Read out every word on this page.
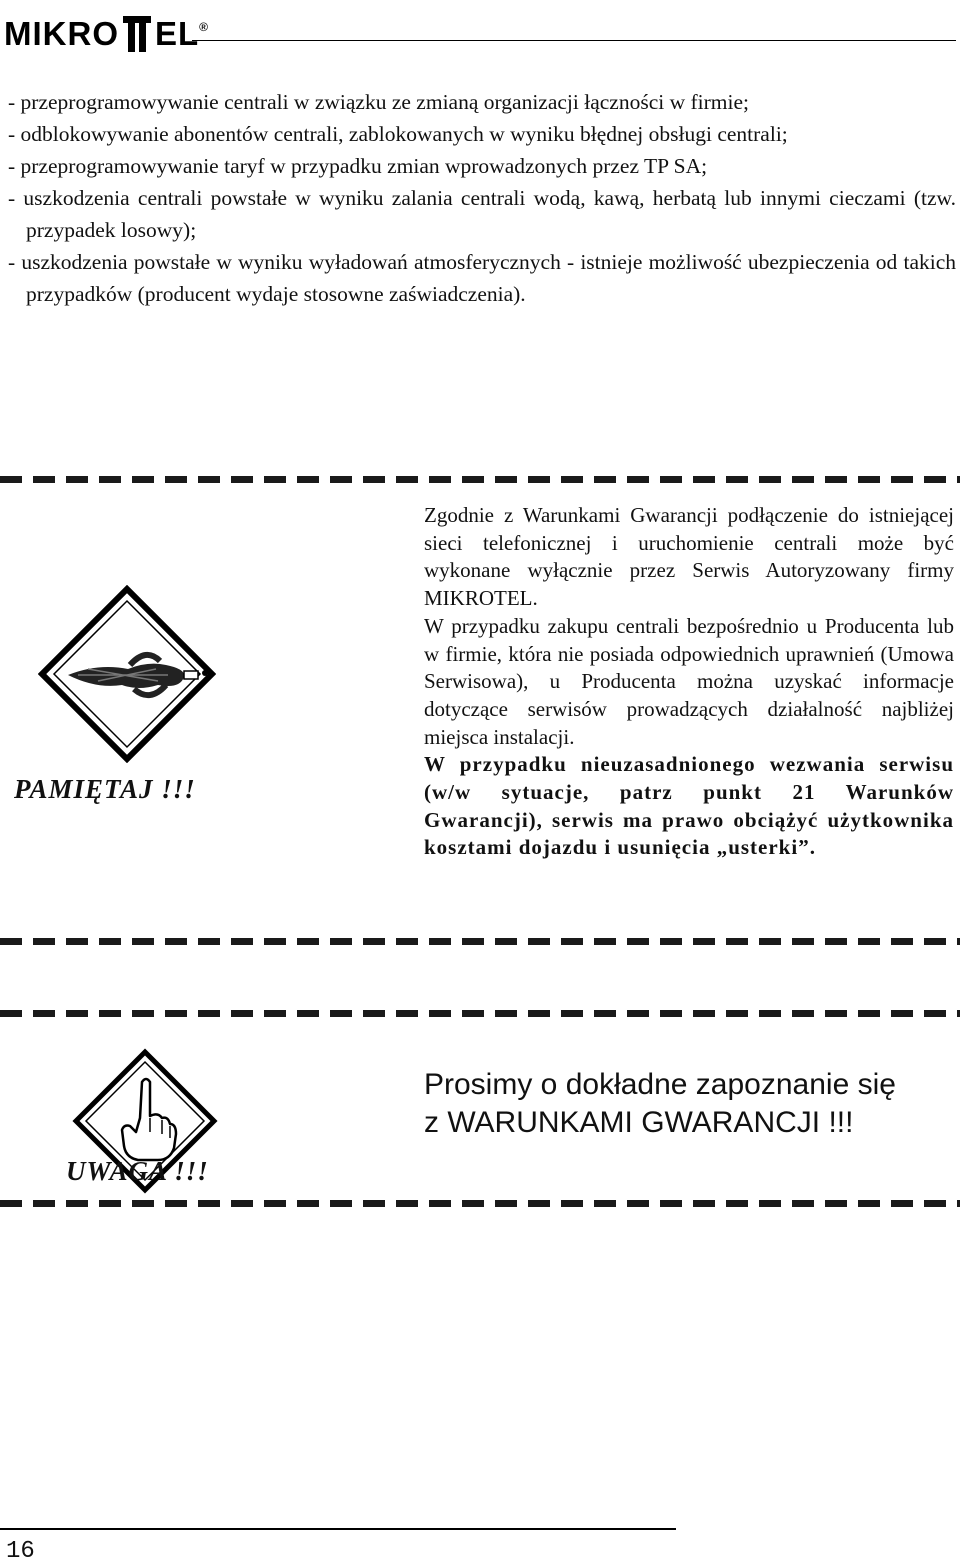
MIKRO EL ®
- przeprogramowywanie centrali w związku ze zmianą organizacji łączności w firmie;
- odblokowywanie abonentów centrali, zablokowanych w wyniku błędnej obsługi centrali;
- przeprogramowywanie taryf w przypadku zmian wprowadzonych przez TP SA;
- uszkodzenia centrali powstałe w wyniku zalania centrali wodą, kawą, herbatą lub innymi cieczami (tzw. przypadek losowy);
- uszkodzenia powstałe w wyniku wyładowań atmosferycznych - istnieje możliwość ubezpieczenia od takich przypadków (producent wydaje stosowne zaświadczenia).
PAMIĘTAJ !!!

Zgodnie z Warunkami Gwarancji podłączenie do istniejącej sieci telefonicznej i uruchomienie centrali może być wykonane wyłącznie przez Serwis Autoryzowany firmy MIKROTEL.

W przypadku zakupu centrali bezpośrednio u Producenta lub w firmie, która nie posiada odpowiednich uprawnień (Umowa Serwisowa), u Producenta można uzyskać informacje dotyczące serwisów prowadzących działalność najbliżej miejsca instalacji.

W przypadku nieuzasadnionego wezwania serwisu (w/w sytuacje, patrz punkt 21 Warunków Gwarancji), serwis ma prawo obciążyć użytkownika kosztami dojazdu i usunięcia „usterki”.

UWAGA !!!
Prosimy o dokładne zapoznanie się
z WARUNKAMI GWARANCJI !!!
16
